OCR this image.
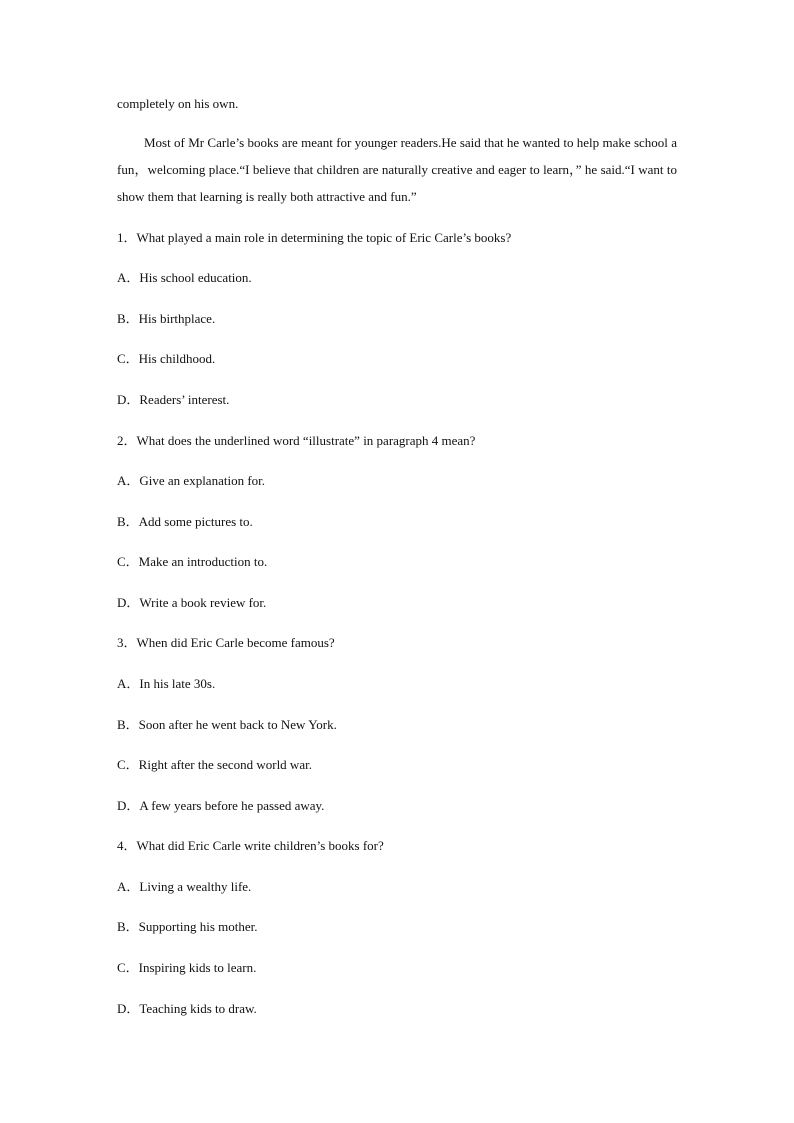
completely on his own.
Most of Mr Carle’s books are meant for younger readers.He said that he wanted to help make school a fun，welcoming place.“I believe that children are naturally creative and eager to learn，” he said.“I want to show them that learning is really both attractive and fun.”
1．What played a main role in determining the topic of Eric Carle’s books?
A．His school education.
B．His birthplace.
C．His childhood.
D．Readers’ interest.
2．What does the underlined word “illustrate” in paragraph 4 mean?
A．Give an explanation for.
B．Add some pictures to.
C．Make an introduction to.
D．Write a book review for.
3．When did Eric Carle become famous?
A．In his late 30s.
B．Soon after he went back to New York.
C．Right after the second world war.
D．A few years before he passed away.
4．What did Eric Carle write children’s books for?
A．Living a wealthy life.
B．Supporting his mother.
C．Inspiring kids to learn.
D．Teaching kids to draw.
